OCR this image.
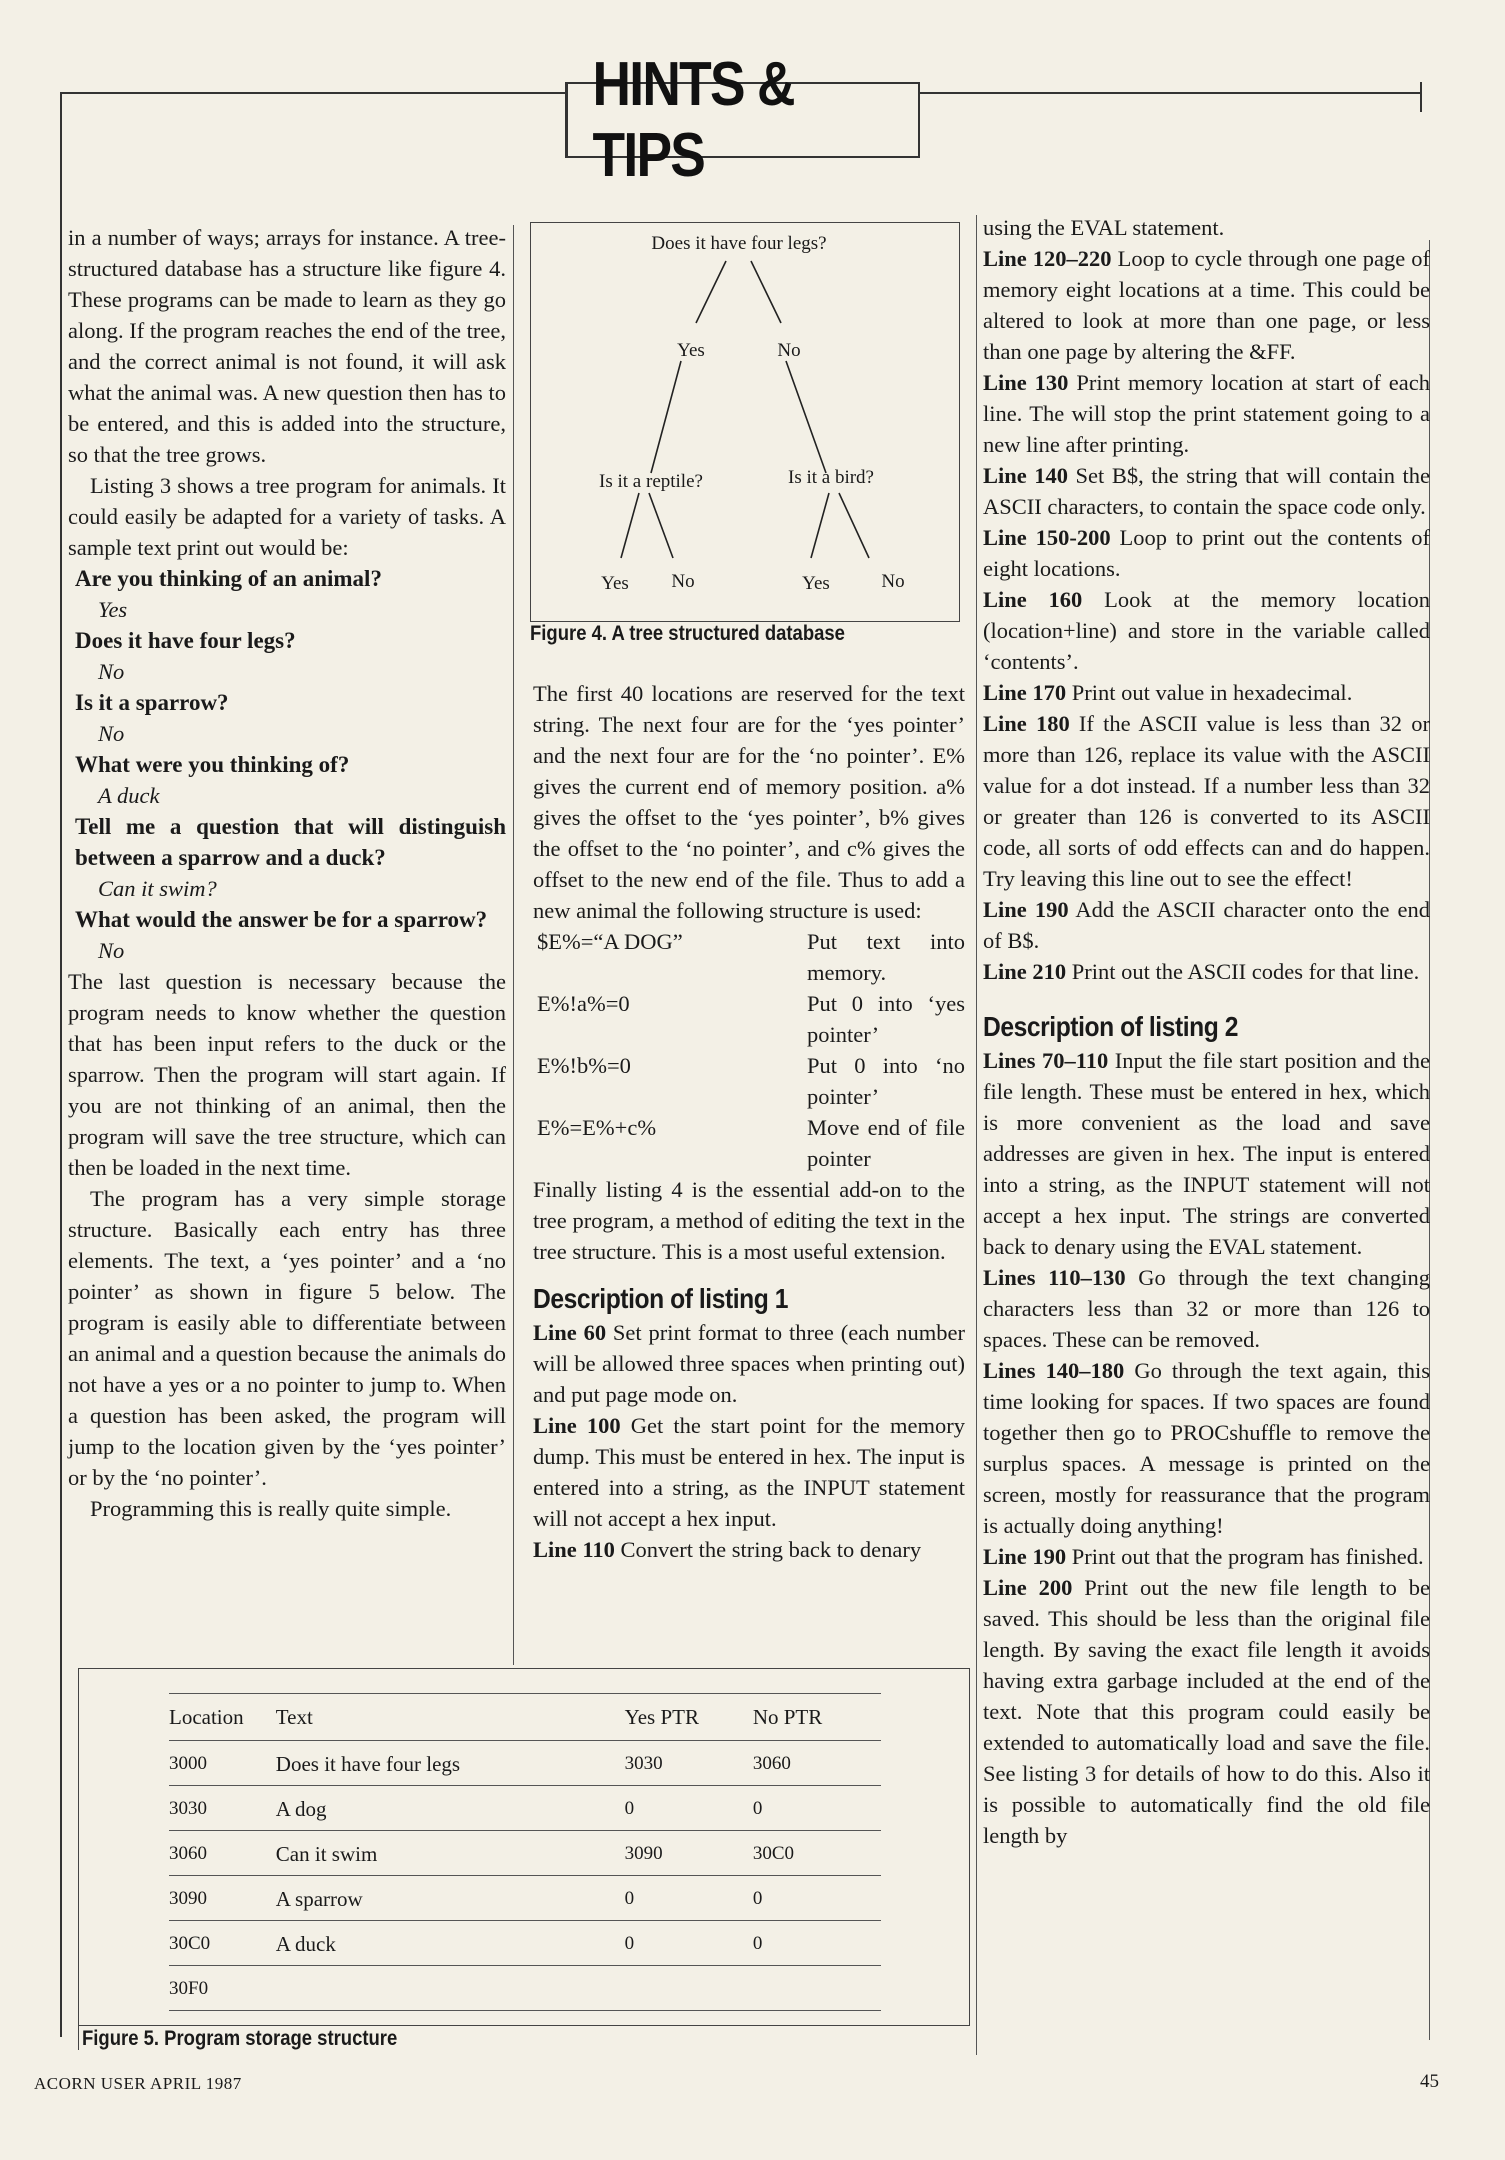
HINTS & TIPS

in a number of ways; arrays for instance. A tree-structured database has a structure like figure 4. These programs can be made to learn as they go along. If the program reaches the end of the tree, and the correct animal is not found, it will ask what the animal was. A new question then has to be entered, and this is added into the structure, so that the tree grows.

Listing 3 shows a tree program for animals. It could easily be adapted for a variety of tasks. A sample text print out would be:

Are you thinking of an animal?

Yes

Does it have four legs?

No

Is it a sparrow?

No

What were you thinking of?

A duck

Tell me a question that will distinguish between a sparrow and a duck?

Can it swim?

What would the answer be for a sparrow?

No

The last question is necessary because the program needs to know whether the question that has been input refers to the duck or the sparrow. Then the program will start again. If you are not thinking of an animal, then the program will save the tree structure, which can then be loaded in the next time.

The program has a very simple storage structure. Basically each entry has three elements. The text, a ‘yes pointer’ and a ‘no pointer’ as shown in figure 5 below. The program is easily able to differentiate between an animal and a question because the animals do not have a yes or a no pointer to jump to. When a question has been asked, the program will jump to the location given by the ‘yes pointer’ or by the ‘no pointer’.

Programming this is really quite simple.

Does it have four legs?
Yes	No
Is it a reptile?	Is it a bird?
Yes No	Yes	No
Figure 4. A tree structured database

The first 40 locations are reserved for the text string. The next four are for the ‘yes pointer’ and the next four are for the ‘no pointer’. E% gives the current end of memory position. a% gives the offset to the ‘yes pointer’, b% gives the offset to the ‘no pointer’, and c% gives the offset to the new end of the file. Thus to add a new animal the following structure is used:

$E%=“A DOG”	Put text into memory.
E%!a%=0	Put 0 into ‘yes pointer’
E%!b%=0	Put 0 into ‘no pointer’
E%=E%+c%	Move end of file pointer

Finally listing 4 is the essential add-on to the tree program, a method of editing the text in the tree structure. This is a most useful extension.

Description of listing 1

Line 60 Set print format to three (each number will be allowed three spaces when printing out) and put page mode on.

Line 100 Get the start point for the memory dump. This must be entered in hex. The input is entered into a string, as the INPUT statement will not accept a hex input.

Line 110 Convert the string back to denary

using the EVAL statement.

Line 120–220 Loop to cycle through one page of memory eight locations at a time. This could be altered to look at more than one page, or less than one page by altering the &FF.

Line 130 Print memory location at start of each line. The will stop the print statement going to a new line after printing.

Line 140 Set B$, the string that will contain the ASCII characters, to contain the space code only.

Line 150-200 Loop to print out the contents of eight locations.

Line 160 Look at the memory location (location+line) and store in the variable called ‘contents’.

Line 170 Print out value in hexadecimal.

Line 180 If the ASCII value is less than 32 or more than 126, replace its value with the ASCII value for a dot instead. If a number less than 32 or greater than 126 is converted to its ASCII code, all sorts of odd effects can and do happen. Try leaving this line out to see the effect!

Line 190 Add the ASCII character onto the end of B$.

Line 210 Print out the ASCII codes for that line.

Description of listing 2

Lines 70–110 Input the file start position and the file length. These must be entered in hex, which is more convenient as the load and save addresses are given in hex. The input is entered into a string, as the INPUT statement will not accept a hex input. The strings are converted back to denary using the EVAL statement.

Lines 110–130 Go through the text changing characters less than 32 or more than 126 to spaces. These can be removed.

Lines 140–180 Go through the text again, this time looking for spaces. If two spaces are found together then go to PROCshuffle to remove the surplus spaces. A message is printed on the screen, mostly for reassurance that the program is actually doing anything!

Line 190 Print out that the program has finished.

Line 200 Print out the new file length to be saved. This should be less than the original file length. By saving the exact file length it avoids having extra garbage included at the end of the text. Note that this program could easily be extended to automatically load and save the file. See listing 3 for details of how to do this. Also it is possible to automatically find the old file length by

Location	Text	Yes PTR	No PTR
3000	Does it have four legs	3030	3060
3030	A dog	0	0
3060	Can it swim	3090	30C0
3090	A sparrow	0	0
30C0	A duck	0	0
30F0			
Figure 5. Program storage structure
ACORN USER APRIL 1987	45
